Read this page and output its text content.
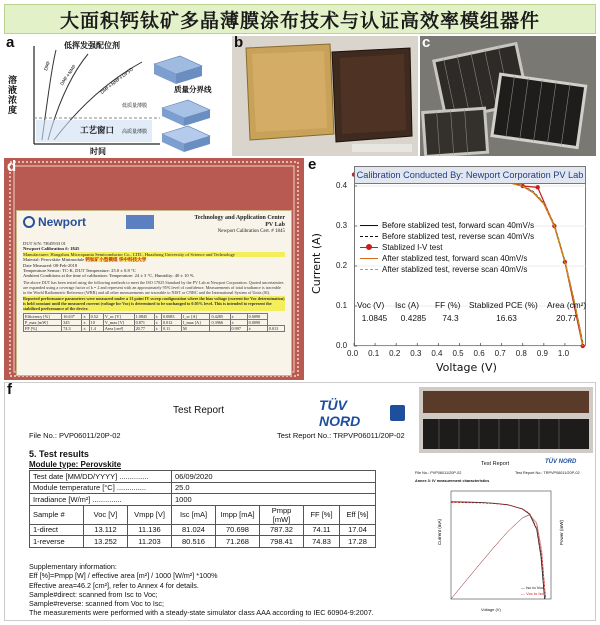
大面积钙钛矿多晶薄膜涂布技术与认证高效率模组器件
a	低挥发强配位剂
溶液浓度
时间
工艺窗口
DMF DMF+NMP	DMF+NMP+DPSO	质量分界线
低质量薄膜
高质量薄膜
b	c
d
Newport	Technology and Application Center
PV Lab
Newport Calibration Cert. # 1845
DUT S/N: 7H45933 01
Newport Calibration #: 1845
Manufacturer: Hangzhou Microquanta Semiconductor Co., LTD., Huazhong University of Science and Technology
Material: Perovskite Minimodule 钙钛矿小型模组 华中科技大学
Date Measured: 08-Feb-2018
Temperature Sensor: TC-K, DUT Temperature: 25.0 ± 0.8 °C
Ambient Conditions at the time of calibration: Temperature: 24 ± 3 °C, Humidity: 40 ± 10 %
The above DUT has been tested using the following methods to meet the ISO 17025 Standard by the PV Lab at Newport Corporation. Quoted uncertainties are expanded using a coverage factor of k = 2 and represent with an approximately 95% level of confidence. Measurements of total irradiance is traceable to the World Radiometric Reference (WRR) and all other measurements are traceable to NIST or CNRC and the International System of Units (SI).
Reported performance parameters were measured under a 13 point IV sweep configuration where the bias voltage (current for Voc determination) is held constant until the measured current (voltage for Voc) is determined to be unchanged to 0.05% level. This is intended to represent the stabilized performance of the device.
Efficiency [%]	16.63*	±	0.52	V_oc [V]	1.0845	±	0.0083	I_sc [A]	0.4285	±	0.0090	
P_max [mW]	345	±	10	V_max [V]	0.871	±	0.012	I_max [A]	0.3966	±	0.0090	
FF [%]	74.3	±	1.4	Area [cm²]	20.77	±	0.11	M		0.997	±	0.013
e
Calibration Conducted By: Newport Corporation PV Lab
Before stablized test, forward scan 40mV/s
Before stablized test, reverse scan 40mV/s
Stablized I-V test
After stablized test, forward scan 40mV/s
After stablized test, reverse scan 40mV/s
Voc (V)	Isc (A)	FF (%)	Stablized PCE (%)	Area (cm²)
1.0845	0.4285	74.3	16.63	20.77
Current (A)
Voltage (V)
0.0 0.1 0.2 0.3 0.4 0.5 0.6 0.7 0.8 0.9 1.0
0.0
0.1
0.2
0.3
0.4
f
Test Report	TÜV NORD
File No.: PVP06011/20P-02	Test Report No.: TRPVP06011/20P-02
5. Test results
Module type: Perovskite
Test date [MM/DD/YYYY] ..............			06/09/2020				
Module temperature [°C] ..............			25.0				
Irradiance [W/m²] ..............			1000				
Sample #	Voc [V]	Vmpp [V]	Isc [mA]	Impp [mA]	Pmpp [mW]	FF [%]	Eff [%]
1-direct	13.112	11.136	81.024	70.698	787.32	74.11	17.04
1-reverse	13.252	11.203	80.516	71.268	798.41	74.83	17.28
Supplementary information:
Eff [%]=Pmpp [W] / effective area [m²] / 1000 [W/m²] *100%
Effective area=46.2 [cm²], refer to Annex 4 for details.
Sample#direct: scanned from Isc to Voc;
Sample#reverse: scanned from Voc to Isc;
The measurements were performed with a steady-state simulator class AAA according to IEC 60904-9:2007.
Test Report	TÜV NORD
File No.: PVP06011/20P-02	Test Report No.: TRPVP06011/20P-02
Annex 3: IV measurement characteristics
Current (mA)	Power (mW)
— Isc to Voc
— Voc to Isc
Voltage (V)
